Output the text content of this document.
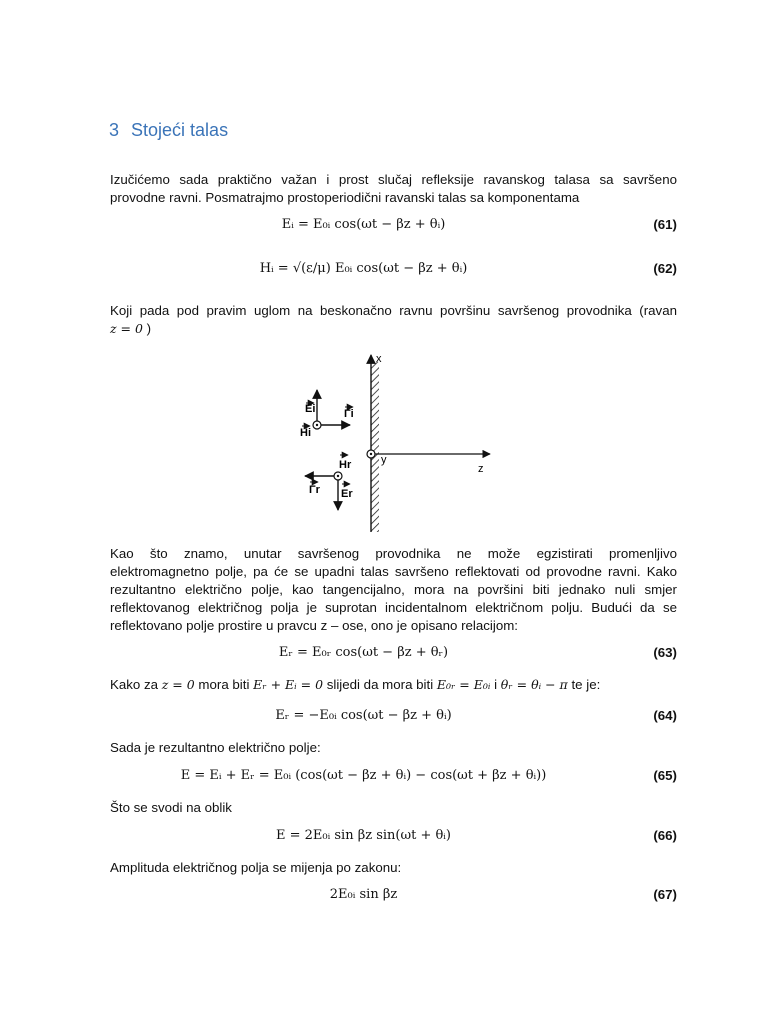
3 Stojeći talas
Izučićemo sada praktično važan i prost slučaj refleksije ravanskog talasa sa savršeno
provodne ravni. Posmatrajmo prostoperiodični ravanski talas sa komponentama
Eᵢ = E₀ᵢ cos(ωt − βz + θᵢ)	(61)
Hᵢ = √(ε/μ) E₀ᵢ cos(ωt − βz + θᵢ)	(62)
Koji pada pod pravim uglom na beskonačno ravnu površinu savršenog provodnika (ravan
z = 0 )
x
z
y
Ei	Γi
Hi
Hr
Γr Er
Kao što znamo, unutar savršenog provodnika ne može egzistirati promenljivo
elektromagnetno polje, pa će se upadni talas savršeno reflektovati od provodne ravni. Kako
rezultantno električno polje, kao tangencijalno, mora na površini biti jednako nuli smjer
reflektovanog električnog polja je suprotan incidentalnom električnom polju. Budući da se
reflektovano polje prostire u pravcu z – ose, ono je opisano relacijom:
Eᵣ = E₀ᵣ cos(ωt − βz + θᵣ)	(63)
Kako za z = 0 mora biti Eᵣ + Eᵢ = 0 slijedi da mora biti E₀ᵣ = E₀ᵢ i θᵣ = θᵢ − π te je:
Eᵣ = −E₀ᵢ cos(ωt − βz + θᵢ)	(64)
Sada je rezultantno električno polje:
E = Eᵢ + Eᵣ = E₀ᵢ (cos(ωt − βz + θᵢ) − cos(ωt + βz + θᵢ))	(65)
Što se svodi na oblik
E = 2E₀ᵢ sin βz sin(ωt + θᵢ)	(66)
Amplituda električnog polja se mijenja po zakonu:
2E₀ᵢ sin βz	(67)
